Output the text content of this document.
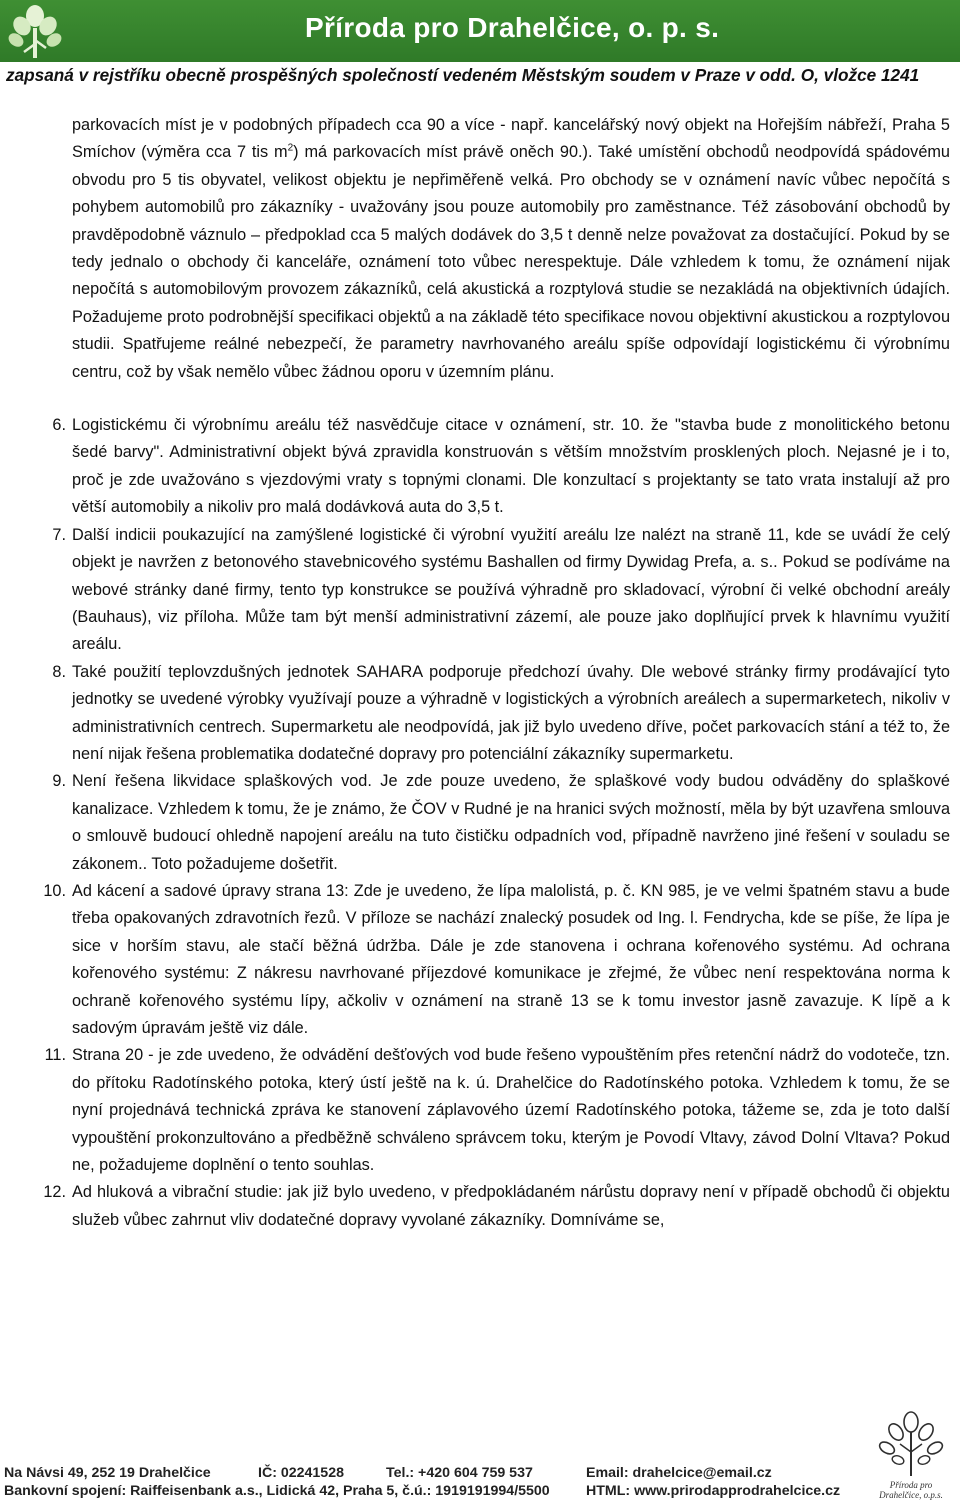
Příroda pro Drahelčice, o. p. s.
zapsaná v rejstříku obecně prospěšných společností vedeném Městským soudem v Praze v odd. O, vložce 1241

parkovacích míst je v podobných případech cca 90 a více - např. kancelářský nový objekt na Hořejším nábřeží, Praha 5 Smíchov (výměra cca 7 tis $m^2$) má parkovacích míst právě oněch 90.). Také umístění obchodů neodpovídá spádovému obvodu pro 5 tis obyvatel, velikost objektu je nepřiměřeně velká. Pro obchody se v oznámení navíc vůbec nepočítá s pohybem automobilů pro zákazníky - uvažovány jsou pouze automobily pro zaměstnance. Též zásobování obchodů by pravděpodobně váznulo – předpoklad cca 5 malých dodávek do 3,5 t denně nelze považovat za dostačující. Pokud by se tedy jednalo o obchody či kanceláře, oznámení toto vůbec nerespektuje. Dále vzhledem k tomu, že oznámení nijak nepočítá s automobilovým provozem zákazníků, celá akustická a rozptylová studie se nezakládá na objektivních údajích. Požadujeme proto podrobnější specifikaci objektů a na základě této specifikace novou objektivní akustickou a rozptylovou studii. Spatřujeme reálné nebezpečí, že parametry navrhovaného areálu spíše odpovídají logistickému či výrobnímu centru, což by však nemělo vůbec žádnou oporu v územním plánu.

6. Logistickému či výrobnímu areálu též nasvědčuje citace v oznámení, str. 10. že "stavba bude z monolitického betonu šedé barvy". Administrativní objekt bývá zpravidla konstruován s větším množstvím prosklených ploch. Nejasné je i to, proč je zde uvažováno s vjezdovými vraty s topnými clonami. Dle konzultací s projektanty se tato vrata instalují až pro větší automobily a nikoliv pro malá dodávková auta do 3,5 t.
7. Další indicii poukazující na zamýšlené logistické či výrobní využití areálu lze nalézt na straně 11, kde se uvádí že celý objekt je navržen z betonového stavebnicového systému Bashallen od firmy Dywidag Prefa, a. s.. Pokud se podíváme na webové stránky dané firmy, tento typ konstrukce se používá výhradně pro skladovací, výrobní či velké obchodní areály (Bauhaus), viz příloha. Může tam být menší administrativní zázemí, ale pouze jako doplňující prvek k hlavnímu využití areálu.
8. Také použití teplovzdušných jednotek SAHARA podporuje předchozí úvahy. Dle webové stránky firmy prodávající tyto jednotky se uvedené výrobky využívají pouze a výhradně v logistických a výrobních areálech a supermarketech, nikoliv v administrativních centrech. Supermarketu ale neodpovídá, jak již bylo uvedeno dříve, počet parkovacích stání a též to, že není nijak řešena problematika dodatečné dopravy pro potenciální zákazníky supermarketu.
9. Není řešena likvidace splaškových vod. Je zde pouze uvedeno, že splaškové vody budou odváděny do splaškové kanalizace. Vzhledem k tomu, že je známo, že ČOV v Rudné je na hranici svých možností, měla by být uzavřena smlouva o smlouvě budoucí ohledně napojení areálu na tuto čističku odpadních vod, případně navrženo jiné řešení v souladu se zákonem.. Toto požadujeme došetřit.
10. Ad kácení a sadové úpravy strana 13: Zde je uvedeno, že lípa malolistá, p. č. KN 985, je ve velmi špatném stavu a bude třeba opakovaných zdravotních řezů. V příloze se nachází znalecký posudek od Ing. l. Fendrycha, kde se píše, že lípa je sice v horším stavu, ale stačí běžná údržba. Dále je zde stanovena i ochrana kořenového systému. Ad ochrana kořenového systému: Z nákresu navrhované příjezdové komunikace je zřejmé, že vůbec není respektována norma k ochraně kořenového systému lípy, ačkoliv v oznámení na straně 13 se k tomu investor jasně zavazuje. K lípě a k sadovým úpravám ještě viz dále.
11. Strana 20 - je zde uvedeno, že odvádění dešťových vod bude řešeno vypouštěním přes retenční nádrž do vodoteče, tzn. do přítoku Radotínského potoka, který ústí ještě na k. ú. Drahelčice do Radotínského potoka. Vzhledem k tomu, že se nyní projednává technická zpráva ke stanovení záplavového území Radotínského potoka, tážeme se, zda je toto další vypouštění prokonzultováno a předběžně schváleno správcem toku, kterým je Povodí Vltavy, závod Dolní Vltava? Pokud ne, požadujeme doplnění o tento souhlas.
12. Ad hluková a vibrační studie: jak již bylo uvedeno, v předpokládaném nárůstu dopravy není v případě obchodů či objektu služeb vůbec zahrnut vliv dodatečné dopravy vyvolané zákazníky. Domníváme se,
Příroda pro
Drahelčice, o.p.s.
Na Návsi 49, 252 19 Drahelčice	IČ: 02241528	Tel.: +420 604 759 537	Email: drahelcice@email.cz
Bankovní spojení: Raiffeisenbank a.s., Lidická 42, Praha 5, č.ú.: 1919191994/5500	HTML: www.prirodapprodrahelcice.cz
